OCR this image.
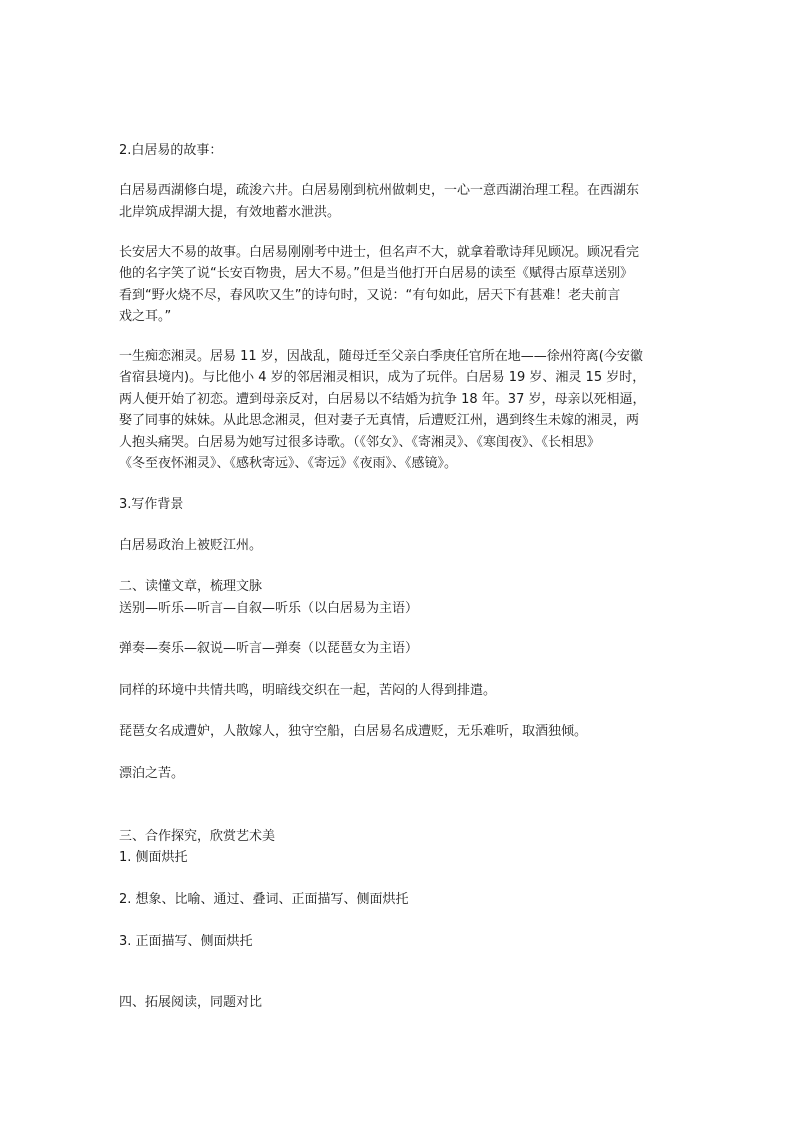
2.白居易的故事：

白居易西湖修白堤，疏浚六井。白居易刚到杭州做刺史，一心一意西湖治理工程。在西湖东

北岸筑成捍湖大提，有效地蓄水泄洪。

长安居大不易的故事。白居易刚刚考中进士，但名声不大，就拿着歌诗拜见顾况。顾况看完

他的名字笑了说“长安百物贵，居大不易。”但是当他打开白居易的读至《赋得古原草送别》

看到“野火烧不尽，春风吹又生”的诗句时，又说：“有句如此，居天下有甚难！老夫前言

戏之耳。”

一生痴恋湘灵。居易 11 岁，因战乱，随母迁至父亲白季庚任官所在地——徐州符离(今安徽

省宿县境内)。与比他小 4 岁的邻居湘灵相识，成为了玩伴。白居易 19 岁、湘灵 15 岁时，

两人便开始了初恋。遭到母亲反对，白居易以不结婚为抗争 18 年。37 岁，母亲以死相逼，

娶了同事的妹妹。从此思念湘灵，但对妻子无真情，后遭贬江州，遇到终生未嫁的湘灵，两

人抱头痛哭。白居易为她写过很多诗歌。（《邻女》、《寄湘灵》、《寒闺夜》、《长相思》

《冬至夜怀湘灵》、《感秋寄远》、《寄远》《夜雨》、《感镜》。

3.写作背景

白居易政治上被贬江州。

二、读懂文章，梳理文脉

送别—听乐—听言—自叙—听乐（以白居易为主语）

弹奏—奏乐—叙说—听言—弹奏（以琵琶女为主语）

同样的环境中共情共鸣，明暗线交织在一起，苦闷的人得到排遣。

琵琶女名成遭妒，人散嫁人，独守空船，白居易名成遭贬，无乐难听，取酒独倾。

漂泊之苦。

三、合作探究，欣赏艺术美

1. 侧面烘托

2. 想象、比喻、通过、叠词、正面描写、侧面烘托

3. 正面描写、侧面烘托

四、拓展阅读，同题对比
